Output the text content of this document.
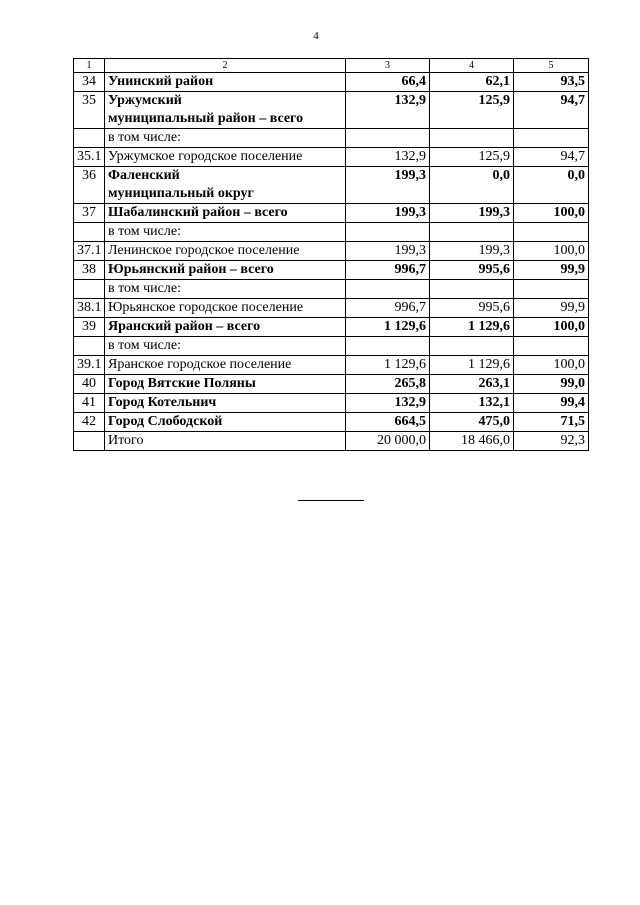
4
1	2	3	4	5
34	Унинский район	66,4	62,1	93,5
35	Уржумский
муниципальный район – всего	132,9	125,9	94,7
	в том числе:			
35.1	Уржумское городское поселение	132,9	125,9	94,7
36	Фаленский
муниципальный округ	199,3	0,0	0,0
37	Шабалинский район – всего	199,3	199,3	100,0
	в том числе:			
37.1	Ленинское городское поселение	199,3	199,3	100,0
38	Юрьянский район – всего	996,7	995,6	99,9
	в том числе:			
38.1	Юрьянское городское поселение	996,7	995,6	99,9
39	Яранский район – всего	1 129,6	1 129,6	100,0
	в том числе:			
39.1	Яранское городское поселение	1 129,6	1 129,6	100,0
40	Город Вятские Поляны	265,8	263,1	99,0
41	Город Котельнич	132,9	132,1	99,4
42	Город Слободской	664,5	475,0	71,5
	Итого	20 000,0	18 466,0	92,3
